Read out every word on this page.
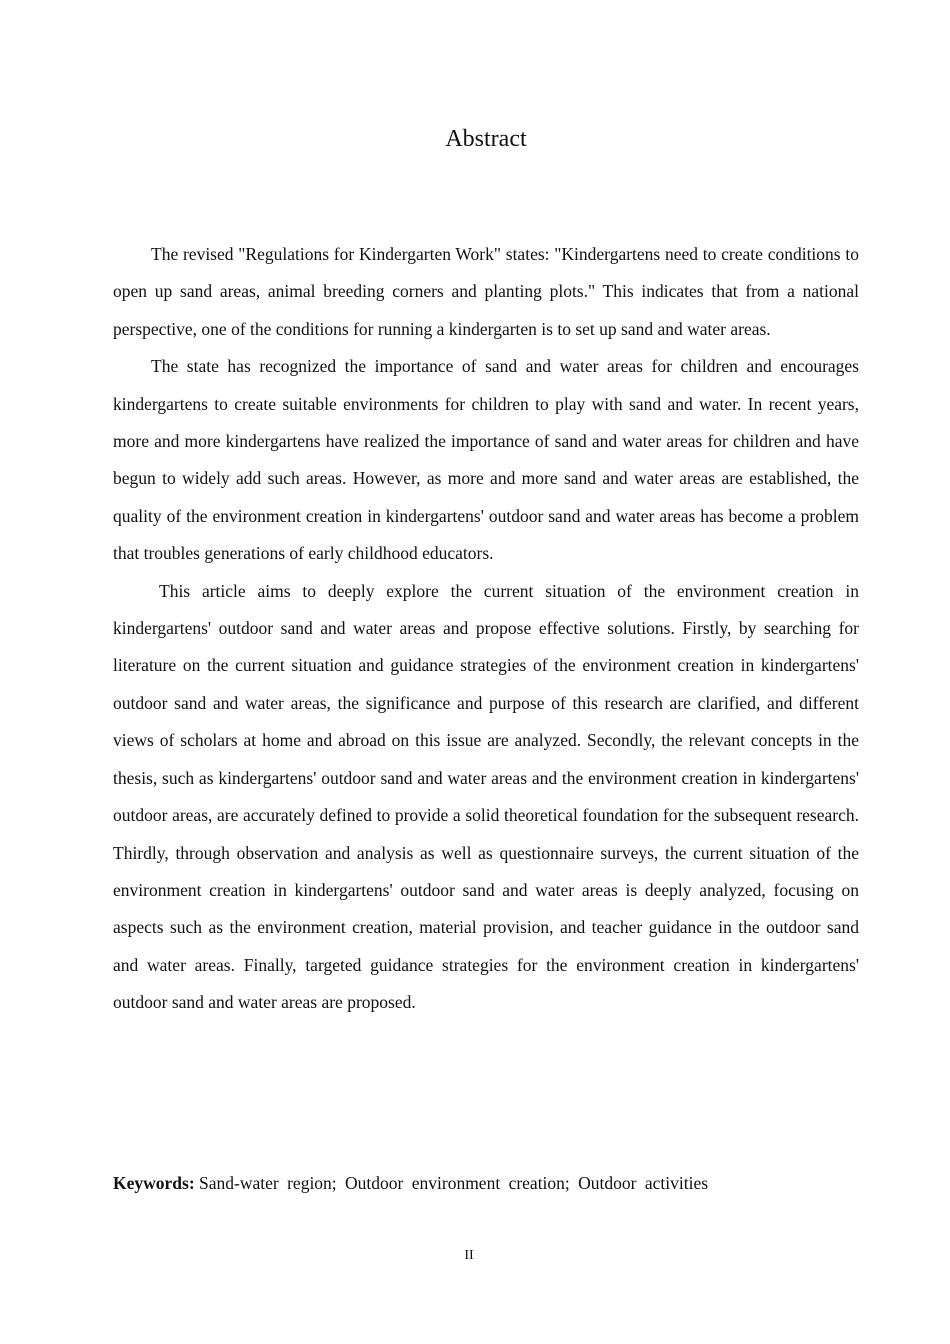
Abstract

The revised "Regulations for Kindergarten Work" states: "Kindergartens need to create conditions to open up sand areas, animal breeding corners and planting plots." This indicates that from a national perspective, one of the conditions for running a kindergarten is to set up sand and water areas.

The state has recognized the importance of sand and water areas for children and encourages kindergartens to create suitable environments for children to play with sand and water. In recent years, more and more kindergartens have realized the importance of sand and water areas for children and have begun to widely add such areas. However, as more and more sand and water areas are established, the quality of the environment creation in kindergartens' outdoor sand and water areas has become a problem that troubles generations of early childhood educators.

This article aims to deeply explore the current situation of the environment creation in kindergartens' outdoor sand and water areas and propose effective solutions. Firstly, by searching for literature on the current situation and guidance strategies of the environment creation in kindergartens' outdoor sand and water areas, the significance and purpose of this research are clarified, and different views of scholars at home and abroad on this issue are analyzed. Secondly, the relevant concepts in the thesis, such as kindergartens' outdoor sand and water areas and the environment creation in kindergartens' outdoor areas, are accurately defined to provide a solid theoretical foundation for the subsequent research. Thirdly, through observation and analysis as well as questionnaire surveys, the current situation of the environment creation in kindergartens' outdoor sand and water areas is deeply analyzed, focusing on aspects such as the environment creation, material provision, and teacher guidance in the outdoor sand and water areas. Finally, targeted guidance strategies for the environment creation in kindergartens' outdoor sand and water areas are proposed.

Keywords: Sand-water region; Outdoor environment creation; Outdoor activities
II
